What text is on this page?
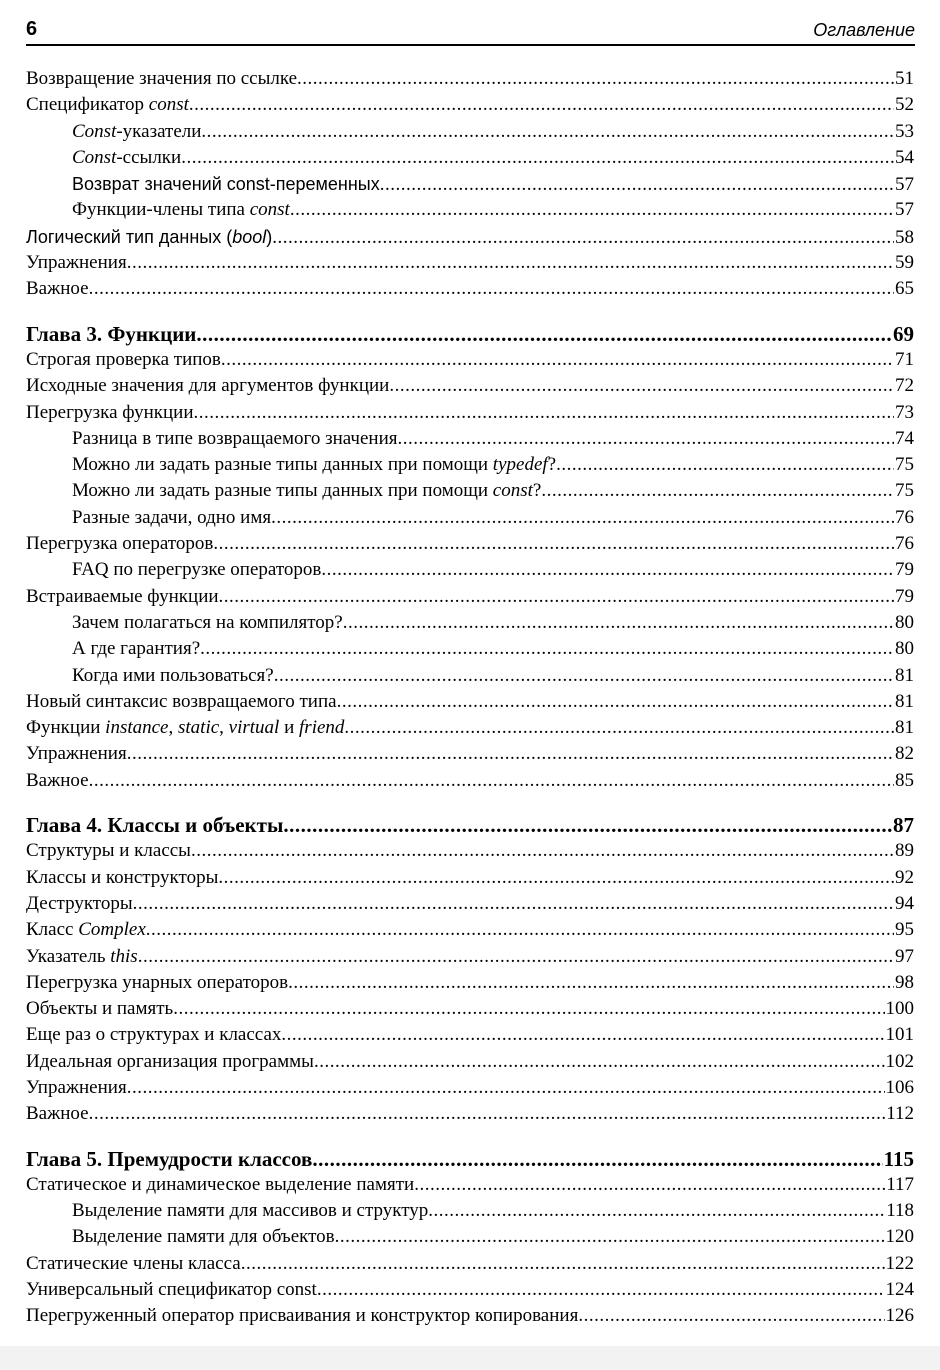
6	Оглавление
Возвращение значения по ссылке .....	51
Спецификатор const .....	52
Const-указатели .....	53
Const-ссылки .....	54
Возврат значений const-переменных .....	57
Функции-члены типа const .....	57
Логический тип данных (bool) .....	58
Упражнения .....	59
Важное .....	65
Глава 3. Функции .....	69
Строгая проверка типов .....	71
Исходные значения для аргументов функции .....	72
Перегрузка функции .....	73
Разница в типе возвращаемого значения .....	74
Можно ли задать разные типы данных при помощи typedef? .....	75
Можно ли задать разные типы данных при помощи const? .....	75
Разные задачи, одно имя .....	76
Перегрузка операторов .....	76
FAQ по перегрузке операторов .....	79
Встраиваемые функции .....	79
Зачем полагаться на компилятор? .....	80
А где гарантия? .....	80
Когда ими пользоваться? .....	81
Новый синтаксис возвращаемого типа .....	81
Функции instance, static, virtual и friend .....	81
Упражнения .....	82
Важное .....	85
Глава 4. Классы и объекты .....	87
Структуры и классы .....	89
Классы и конструкторы .....	92
Деструкторы .....	94
Класс Complex .....	95
Указатель this .....	97
Перегрузка унарных операторов .....	98
Объекты и память .....	100
Еще раз о структурах и классах .....	101
Идеальная организация программы .....	102
Упражнения .....	106
Важное .....	112
Глава 5. Премудрости классов .....	115
Статическое и динамическое выделение памяти .....	117
Выделение памяти для массивов и структур .....	118
Выделение памяти для объектов .....	120
Статические члены класса .....	122
Универсальный спецификатор const .....	124
Перегруженный оператор присваивания и конструктор копирования .....	126
